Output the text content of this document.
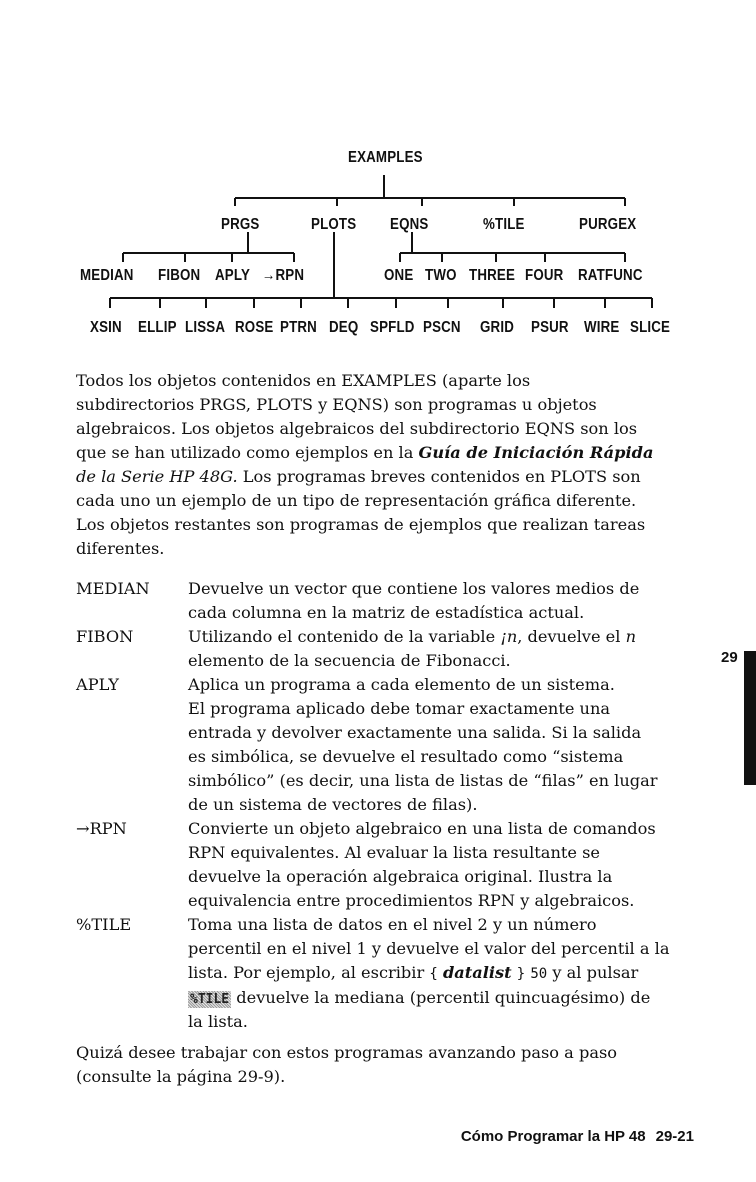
EXAMPLES
PRGS	PLOTS EQNS	%TILE	PURGEX
MEDIAN FIBON APLY →RPN	ONE TWO THREE FOUR RATFUNC
XSIN ELLIP LISSA ROSE PTRN DEQ SPFLD PSCN GRID PSUR WIRE SLICE
Todos los objetos contenidos en EXAMPLES (aparte los
subdirectorios PRGS, PLOTS y EQNS) son programas u objetos
algebraicos. Los objetos algebraicos del subdirectorio EQNS son los
que se han utilizado como ejemplos en la Guía de Iniciación Rápida
de la Serie HP 48G. Los programas breves contenidos en PLOTS son
cada uno un ejemplo de un tipo de representación gráfica diferente.
Los objetos restantes son programas de ejemplos que realizan tareas
diferentes.
MEDIAN Devuelve un vector que contiene los valores medios de
cada columna en la matriz de estadística actual.
FIBON	Utilizando el contenido de la variable ¡n, devuelve el n
elemento de la secuencia de Fibonacci.
APLY	Aplica un programa a cada elemento de un sistema.
El programa aplicado debe tomar exactamente una
entrada y devolver exactamente una salida. Si la salida
es simbólica, se devuelve el resultado como “sistema
simbólico” (es decir, una lista de listas de “filas” en lugar
de un sistema de vectores de filas).
→RPN	Convierte un objeto algebraico en una lista de comandos
RPN equivalentes. Al evaluar la lista resultante se
devuelve la operación algebraica original. Ilustra la
equivalencia entre procedimientos RPN y algebraicos.
%TILE	Toma una lista de datos en el nivel 2 y un número
percentil en el nivel 1 y devuelve el valor del percentil a la
lista. Por ejemplo, al escribir { datalist } 50 y al pulsar
%TILE devuelve la mediana (percentil quincuagésimo) de
la lista.
Quizá desee trabajar con estos programas avanzando paso a paso
(consulte la página 29-9).
29
Cómo Programar la HP 48 29-21
